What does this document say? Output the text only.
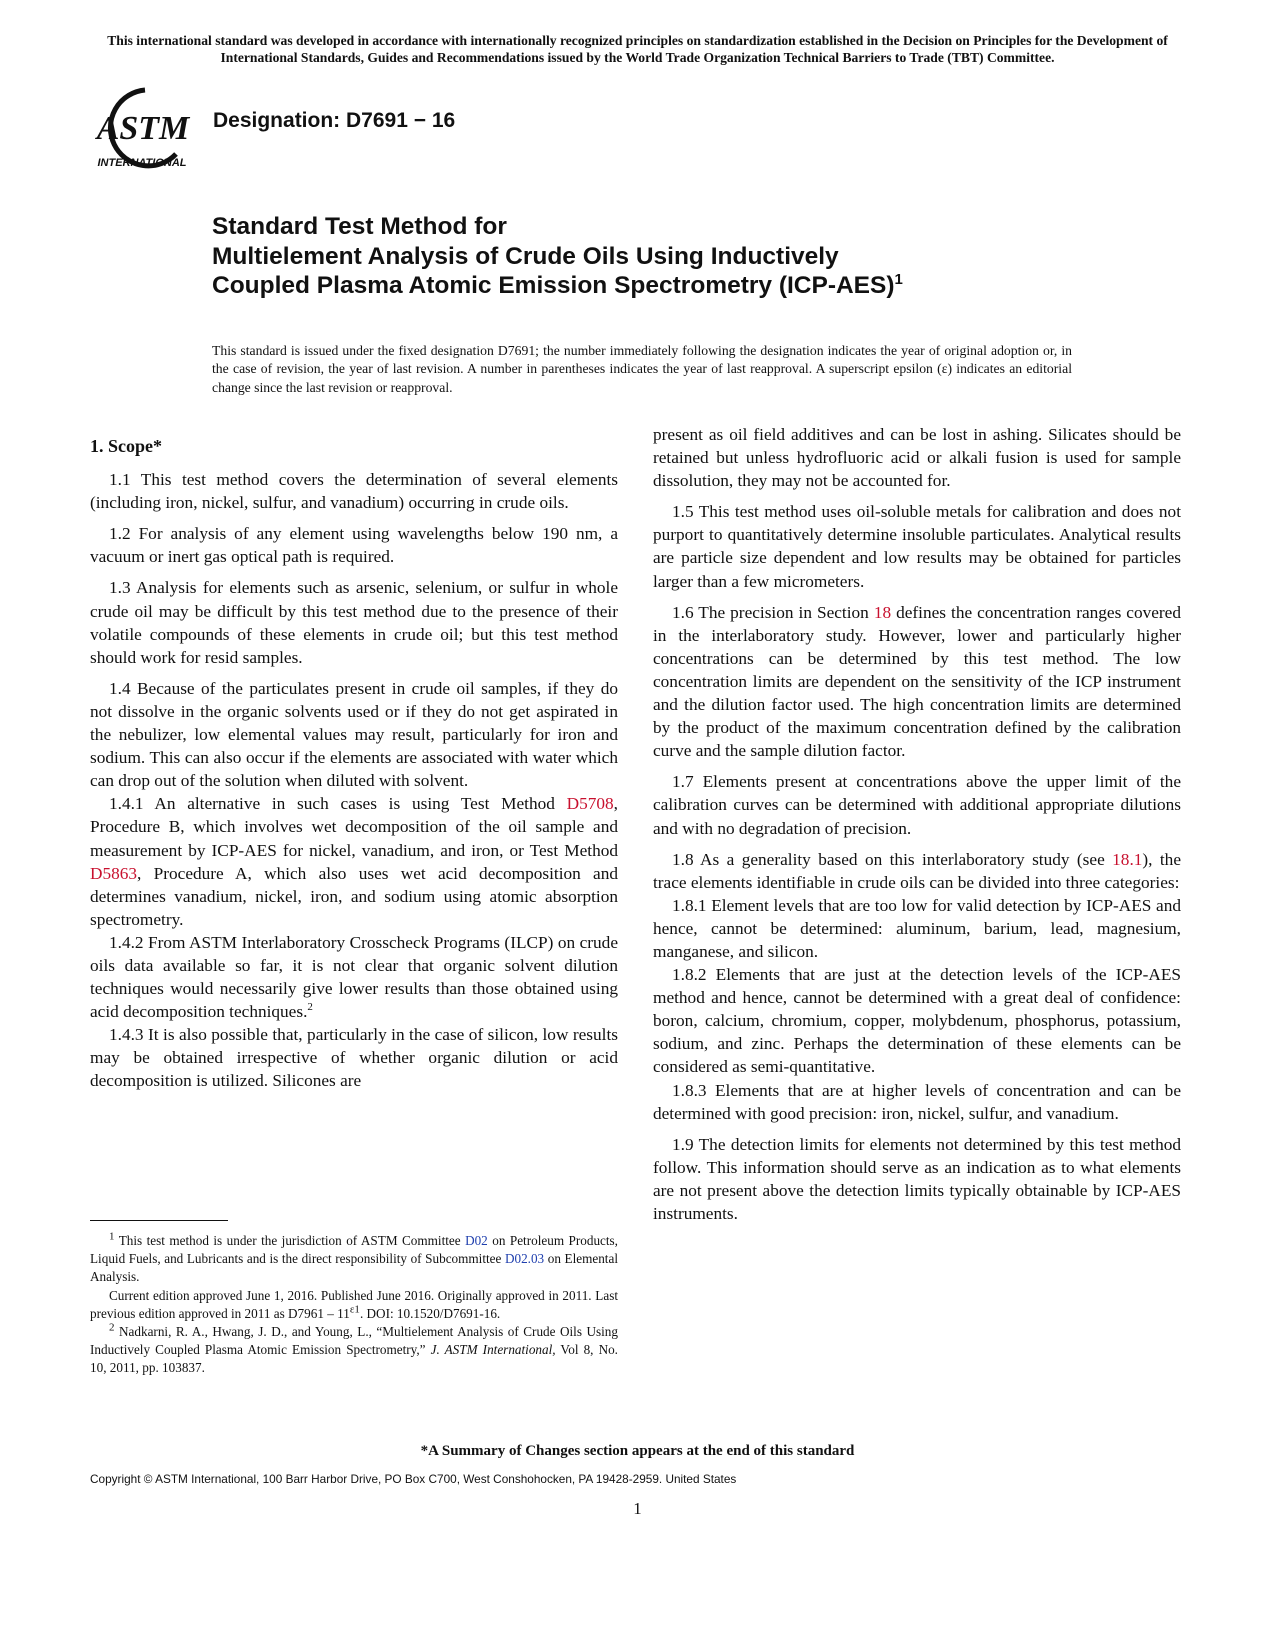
This international standard was developed in accordance with internationally recognized principles on standardization established in the Decision on Principles for the Development of International Standards, Guides and Recommendations issued by the World Trade Organization Technical Barriers to Trade (TBT) Committee.
ASTM
INTERNATIONAL
Designation: D7691 − 16
Standard Test Method for
Multielement Analysis of Crude Oils Using Inductively
Coupled Plasma Atomic Emission Spectrometry $(ICP-AES)^1$
This standard is issued under the fixed designation D7691; the number immediately following the designation indicates the year of original adoption or, in the case of revision, the year of last revision. A number in parentheses indicates the year of last reapproval. A superscript epsilon (ε) indicates an editorial change since the last revision or reapproval.
1. Scope*

1.1 This test method covers the determination of several elements (including iron, nickel, sulfur, and vanadium) occurring in crude oils.

1.2 For analysis of any element using wavelengths below 190 nm, a vacuum or inert gas optical path is required.

1.3 Analysis for elements such as arsenic, selenium, or sulfur in whole crude oil may be difficult by this test method due to the presence of their volatile compounds of these elements in crude oil; but this test method should work for resid samples.

1.4 Because of the particulates present in crude oil samples, if they do not dissolve in the organic solvents used or if they do not get aspirated in the nebulizer, low elemental values may result, particularly for iron and sodium. This can also occur if the elements are associated with water which can drop out of the solution when diluted with solvent.

1.4.1 An alternative in such cases is using Test Method D5708, Procedure B, which involves wet decomposition of the oil sample and measurement by ICP-AES for nickel, vanadium, and iron, or Test Method D5863, Procedure A, which also uses wet acid decomposition and determines vanadium, nickel, iron, and sodium using atomic absorption spectrometry.

1.4.2 From ASTM Interlaboratory Crosscheck Programs (ILCP) on crude oils data available so far, it is not clear that organic solvent dilution techniques would necessarily give lower results than those obtained using acid decomposition techniques.$^2$

1.4.3 It is also possible that, particularly in the case of silicon, low results may be obtained irrespective of whether organic dilution or acid decomposition is utilized. Silicones are

present as oil field additives and can be lost in ashing. Silicates should be retained but unless hydrofluoric acid or alkali fusion is used for sample dissolution, they may not be accounted for.

1.5 This test method uses oil-soluble metals for calibration and does not purport to quantitatively determine insoluble particulates. Analytical results are particle size dependent and low results may be obtained for particles larger than a few micrometers.

1.6 The precision in Section 18 defines the concentration ranges covered in the interlaboratory study. However, lower and particularly higher concentrations can be determined by this test method. The low concentration limits are dependent on the sensitivity of the ICP instrument and the dilution factor used. The high concentration limits are determined by the product of the maximum concentration defined by the calibration curve and the sample dilution factor.

1.7 Elements present at concentrations above the upper limit of the calibration curves can be determined with additional appropriate dilutions and with no degradation of precision.

1.8 As a generality based on this interlaboratory study (see 18.1), the trace elements identifiable in crude oils can be divided into three categories:

1.8.1 Element levels that are too low for valid detection by ICP-AES and hence, cannot be determined: aluminum, barium, lead, magnesium, manganese, and silicon.

1.8.2 Elements that are just at the detection levels of the ICP-AES method and hence, cannot be determined with a great deal of confidence: boron, calcium, chromium, copper, molybdenum, phosphorus, potassium, sodium, and zinc. Perhaps the determination of these elements can be considered as semi-quantitative.

1.8.3 Elements that are at higher levels of concentration and can be determined with good precision: iron, nickel, sulfur, and vanadium.

1.9 The detection limits for elements not determined by this test method follow. This information should serve as an indication as to what elements are not present above the detection limits typically obtainable by ICP-AES instruments.

$^1$ This test method is under the jurisdiction of ASTM Committee D02 on Petroleum Products, Liquid Fuels, and Lubricants and is the direct responsibility of Subcommittee D02.03 on Elemental Analysis.

Current edition approved June 1, 2016. Published June 2016. Originally approved in 2011. Last previous edition approved in 2011 as $D7961 - 11^{\varepsilon 1}$. DOI: 10.1520/D7691-16.

$^2$ Nadkarni, R. A., Hwang, J. D., and Young, L., “Multielement Analysis of Crude Oils Using Inductively Coupled Plasma Atomic Emission Spectrometry,” J. ASTM International, Vol 8, No. 10, 2011, pp. 103837.

*A Summary of Changes section appears at the end of this standard
Copyright © ASTM International, 100 Barr Harbor Drive, PO Box C700, West Conshohocken, PA 19428-2959. United States
1
